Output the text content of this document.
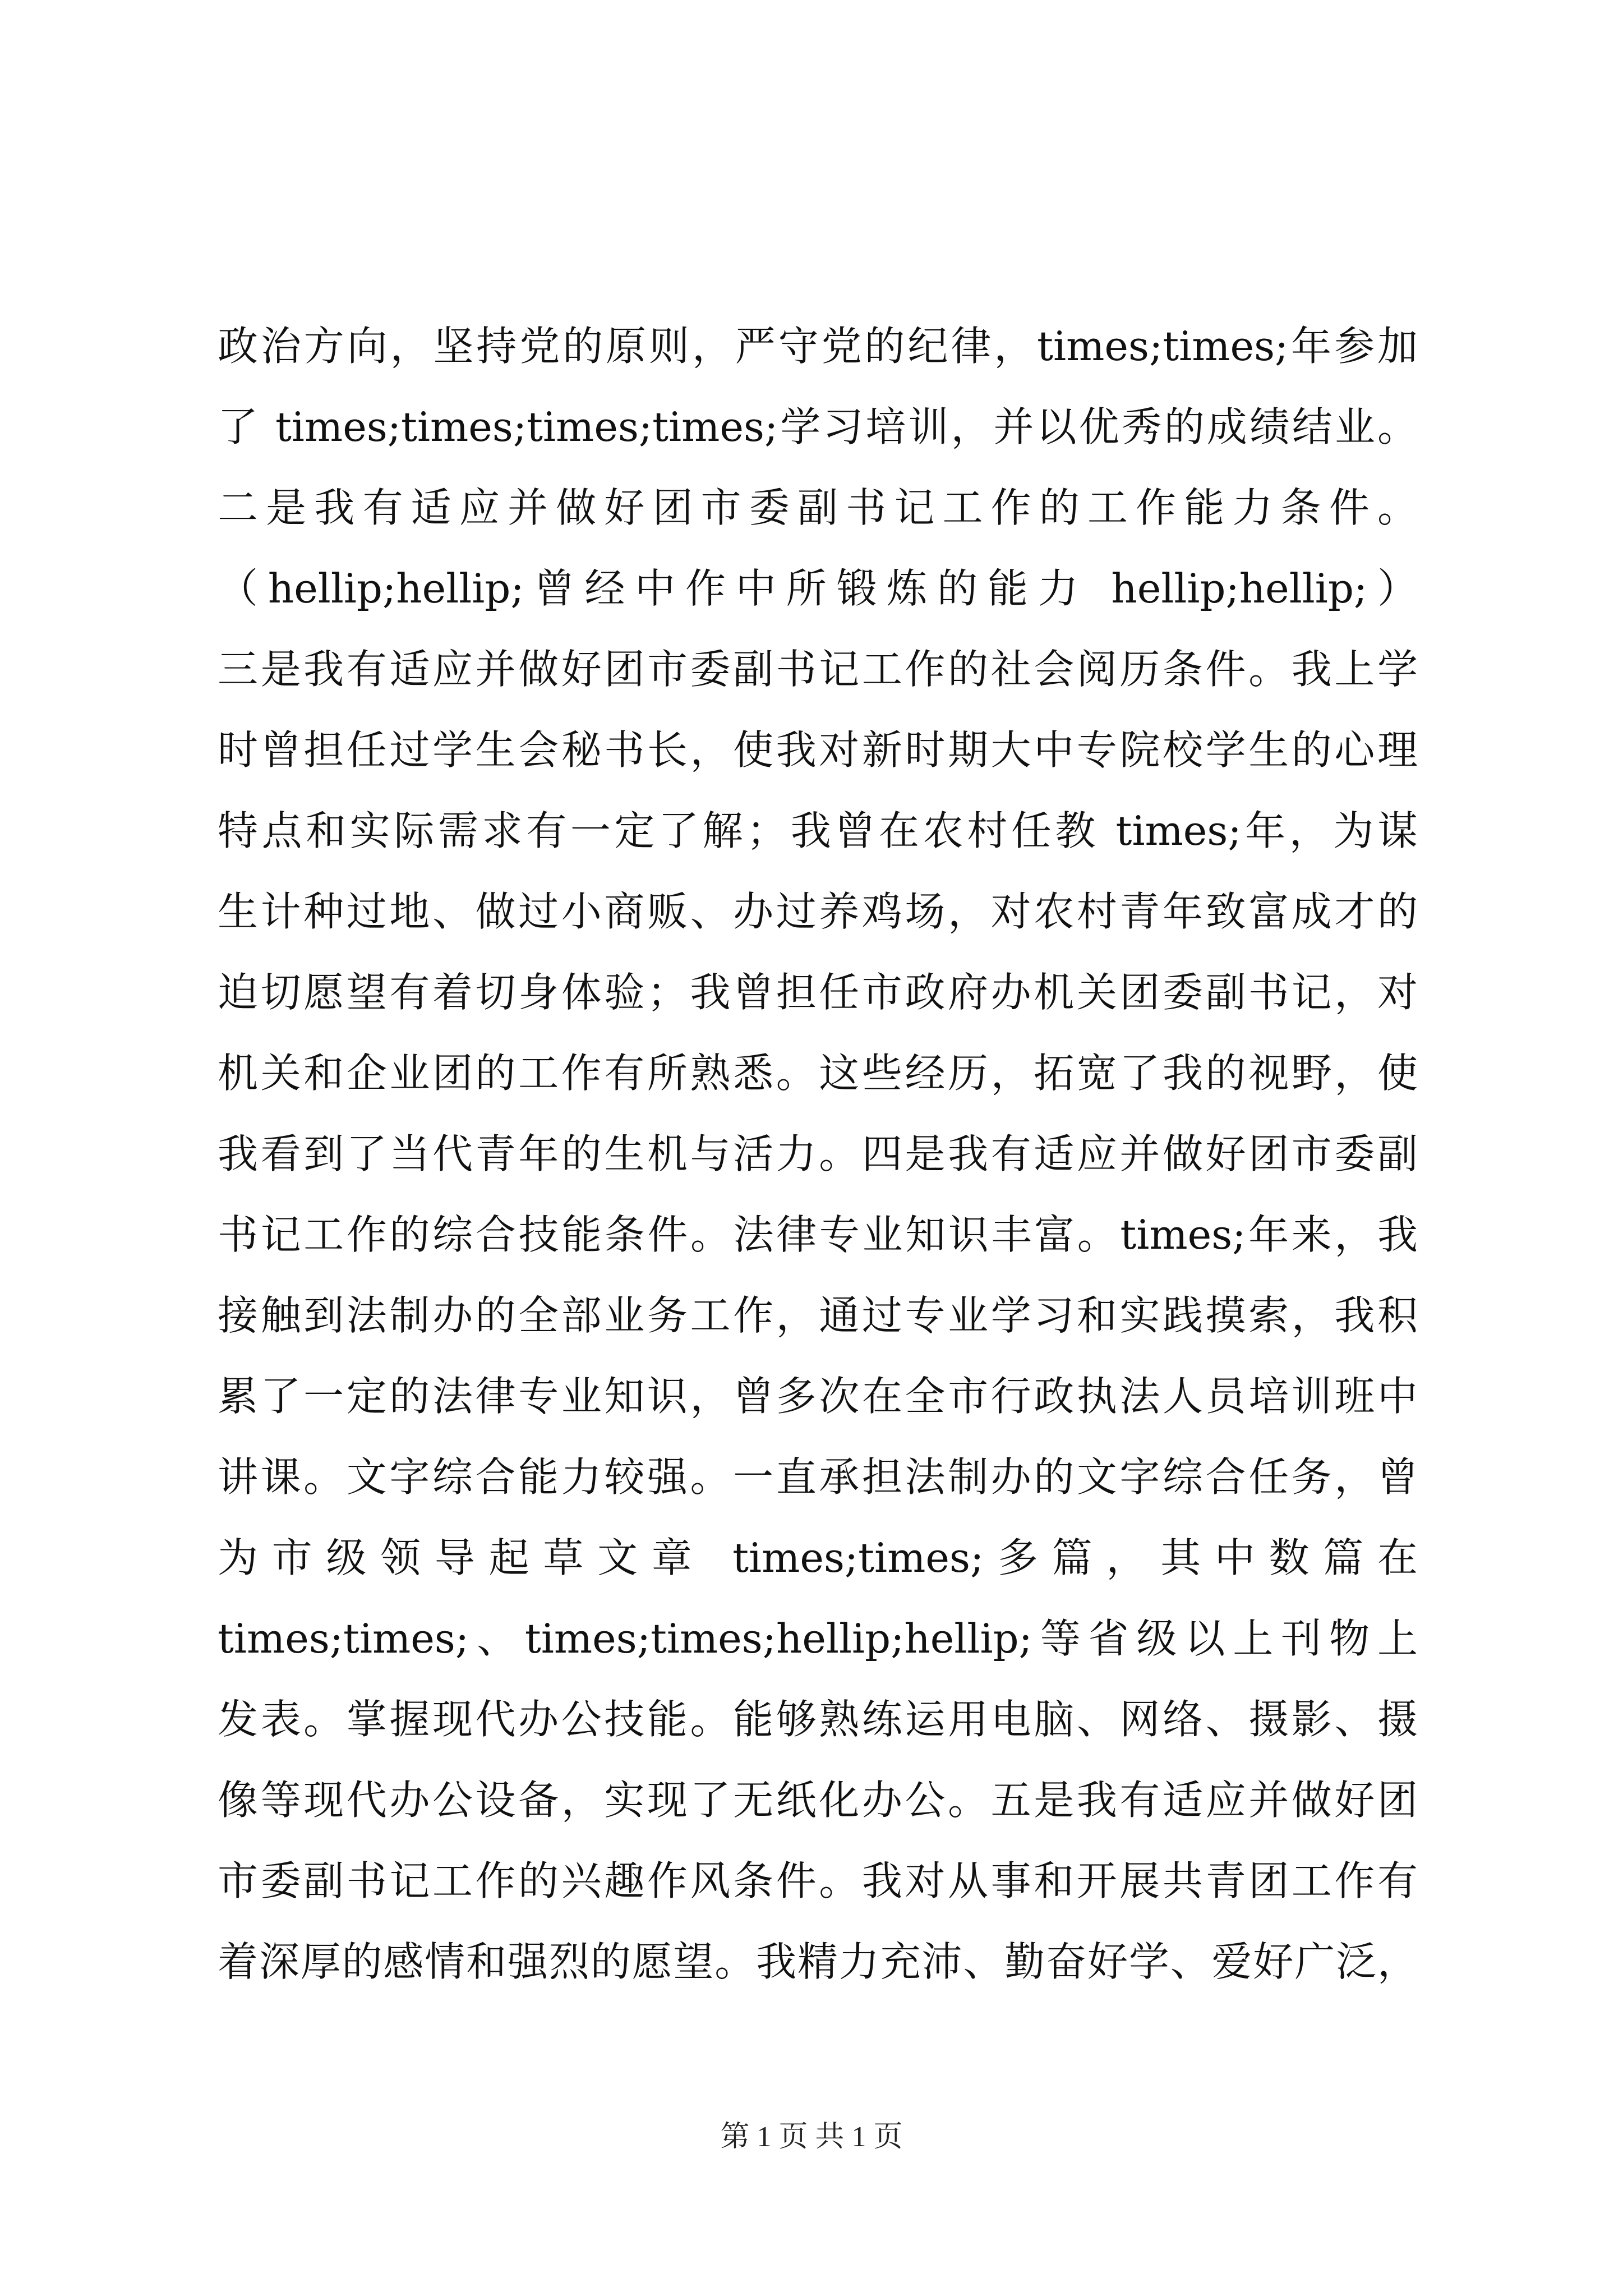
政治方向，坚持党的原则，严守党的纪律，times;times;年参加
了 times;times;times;times;学习培训，并以优秀的成绩结业。
二是我有适应并做好团市委副书记工作的工作能力条件。
（hellip;hellip;曾经中作中所锻炼的能力 hellip;hellip;）
三是我有适应并做好团市委副书记工作的社会阅历条件。我上学
时曾担任过学生会秘书长，使我对新时期大中专院校学生的心理
特点和实际需求有一定了解；我曾在农村任教 times;年，为谋
生计种过地、做过小商贩、办过养鸡场，对农村青年致富成才的
迫切愿望有着切身体验；我曾担任市政府办机关团委副书记，对
机关和企业团的工作有所熟悉。这些经历，拓宽了我的视野，使
我看到了当代青年的生机与活力。四是我有适应并做好团市委副
书记工作的综合技能条件。法律专业知识丰富。times;年来，我
接触到法制办的全部业务工作，通过专业学习和实践摸索，我积
累了一定的法律专业知识，曾多次在全市行政执法人员培训班中
讲课。文字综合能力较强。一直承担法制办的文字综合任务，曾
为市级领导起草文章 times;times;多篇，其中数篇在
times;times;、times;times;hellip;hellip;等省级以上刊物上
发表。掌握现代办公技能。能够熟练运用电脑、网络、摄影、摄
像等现代办公设备，实现了无纸化办公。五是我有适应并做好团
市委副书记工作的兴趣作风条件。我对从事和开展共青团工作有
着深厚的感情和强烈的愿望。我精力充沛、勤奋好学、爱好广泛，
第 1 页 共 1 页
